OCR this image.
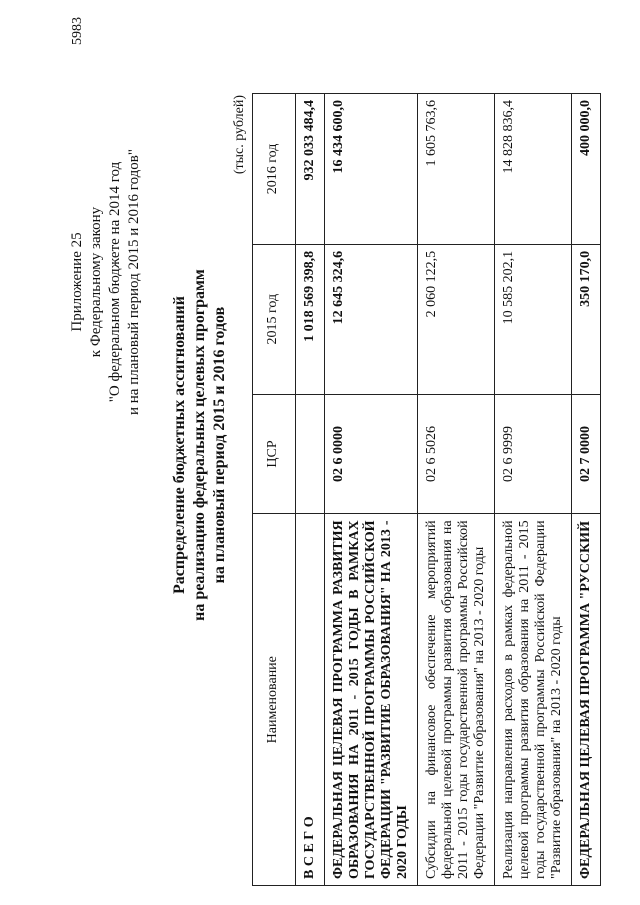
5983
Приложение 25 к Федеральному закону "О федеральном бюджете на 2014 год и на плановый период 2015 и 2016 годов"
Распределение бюджетных ассигнований на реализацию федеральных целевых программ на плановый период 2015 и 2016 годов
(тыс. рублей)
Наименование	ЦСР	2015 год	2016 год
В С Е Г О		1 018 569 398,8	932 033 484,4
ФЕДЕРАЛЬНАЯ ЦЕЛЕВАЯ ПРОГРАММА РАЗВИТИЯ ОБРАЗОВАНИЯ НА 2011 - 2015 ГОДЫ В РАМКАХ ГОСУДАРСТВЕННОЙ ПРОГРАММЫ РОССИЙСКОЙ ФЕДЕРАЦИИ "РАЗВИТИЕ ОБРАЗОВАНИЯ" НА 2013 - 2020 ГОДЫ	02 6 0000	12 645 324,6	16 434 600,0
Субсидии на финансовое обеспечение мероприятий федеральной целевой программы развития образования на 2011 - 2015 годы государственной программы Российской Федерации "Развитие образования" на 2013 - 2020 годы	02 6 5026	2 060 122,5	1 605 763,6
Реализация направления расходов в рамках федеральной целевой программы развития образования на 2011 - 2015 годы государственной программы Российской Федерации "Развитие образования" на 2013 - 2020 годы	02 6 9999	10 585 202,1	14 828 836,4
ФЕДЕРАЛЬНАЯ ЦЕЛЕВАЯ ПРОГРАММА "РУССКИЙ	02 7 0000	350 170,0	400 000,0
